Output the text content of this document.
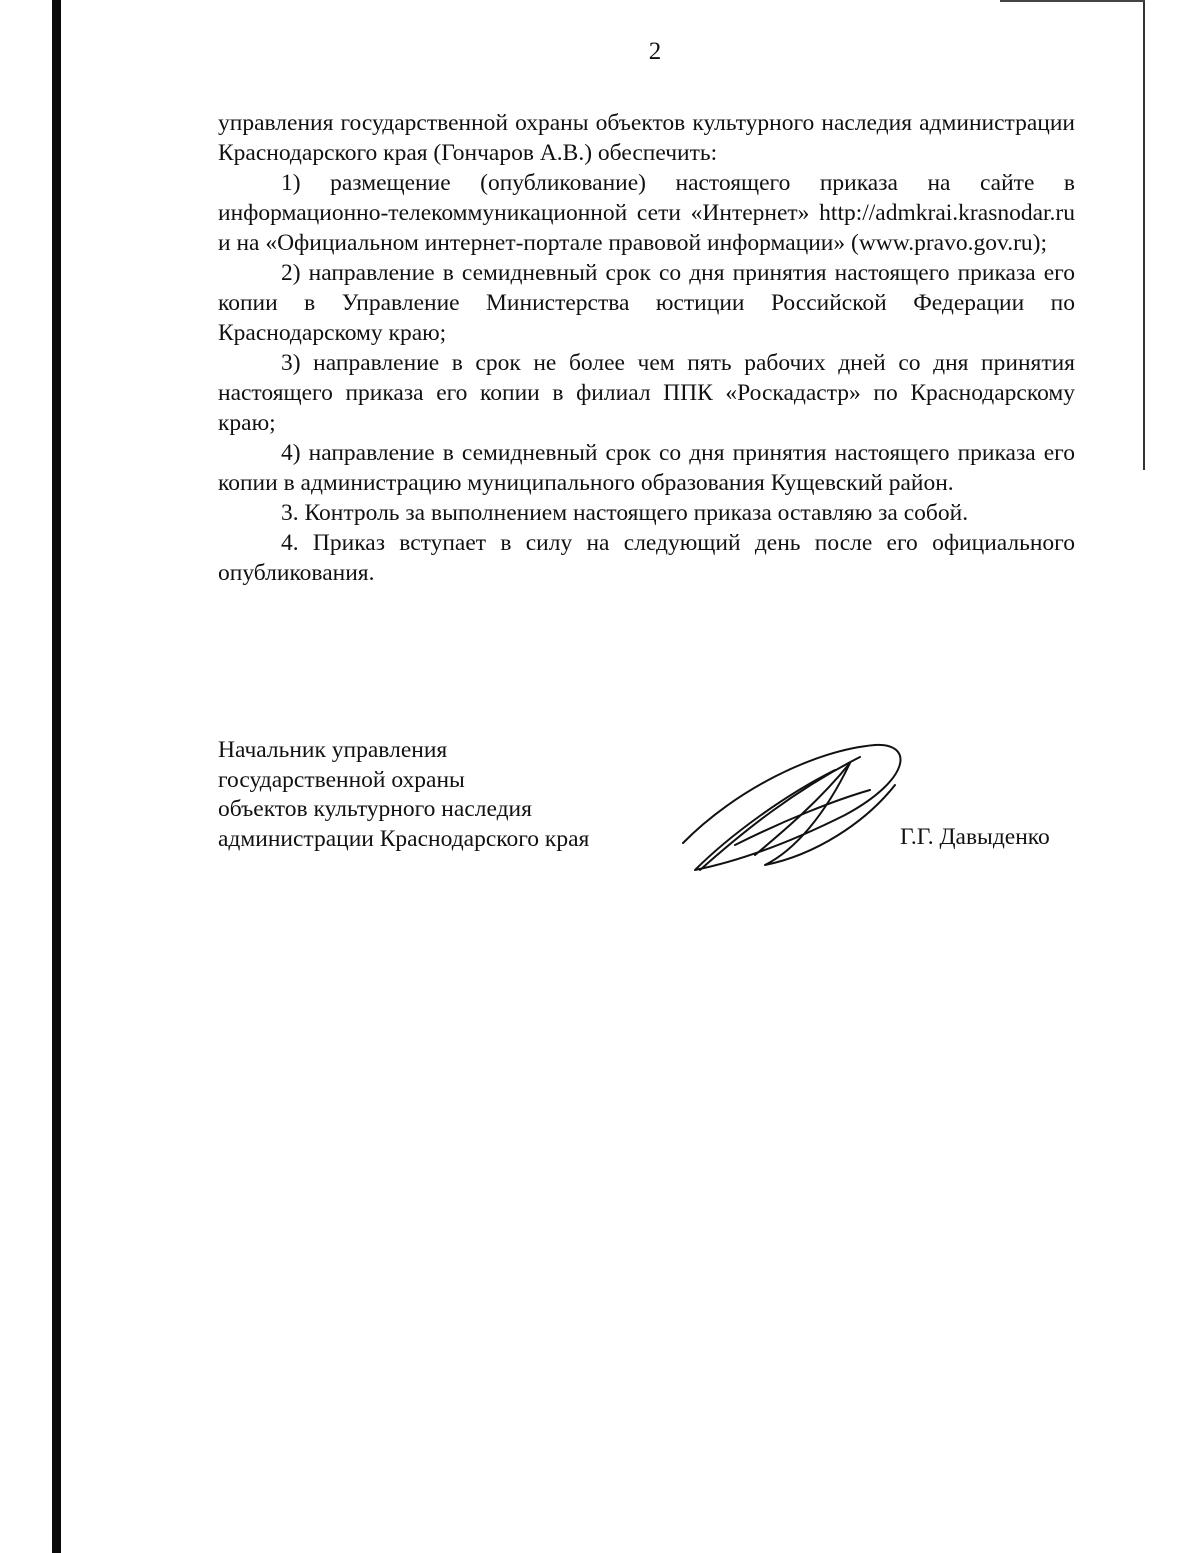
2

управления государственной охраны объектов культурного наследия администрации Краснодарского края (Гончаров А.В.) обеспечить:

1) размещение (опубликование) настоящего приказа на сайте в информационно-телекоммуникационной сети «Интернет» http://admkrai.krasnodar.ru и на «Официальном интернет-портале правовой информации» (www.pravo.gov.ru);

2) направление в семидневный срок со дня принятия настоящего приказа его копии в Управление Министерства юстиции Российской Федерации по Краснодарскому краю;

3) направление в срок не более чем пять рабочих дней со дня принятия настоящего приказа его копии в филиал ППК «Роскадастр» по Краснодарскому краю;

4) направление в семидневный срок со дня принятия настоящего приказа его копии в администрацию муниципального образования Кущевский район.

3. Контроль за выполнением настоящего приказа оставляю за собой.

4. Приказ вступает в силу на следующий день после его официального опубликования.

Начальник управления
государственной охраны
объектов культурного наследия
администрации Краснодарского края	Г.Г. Давыденко
